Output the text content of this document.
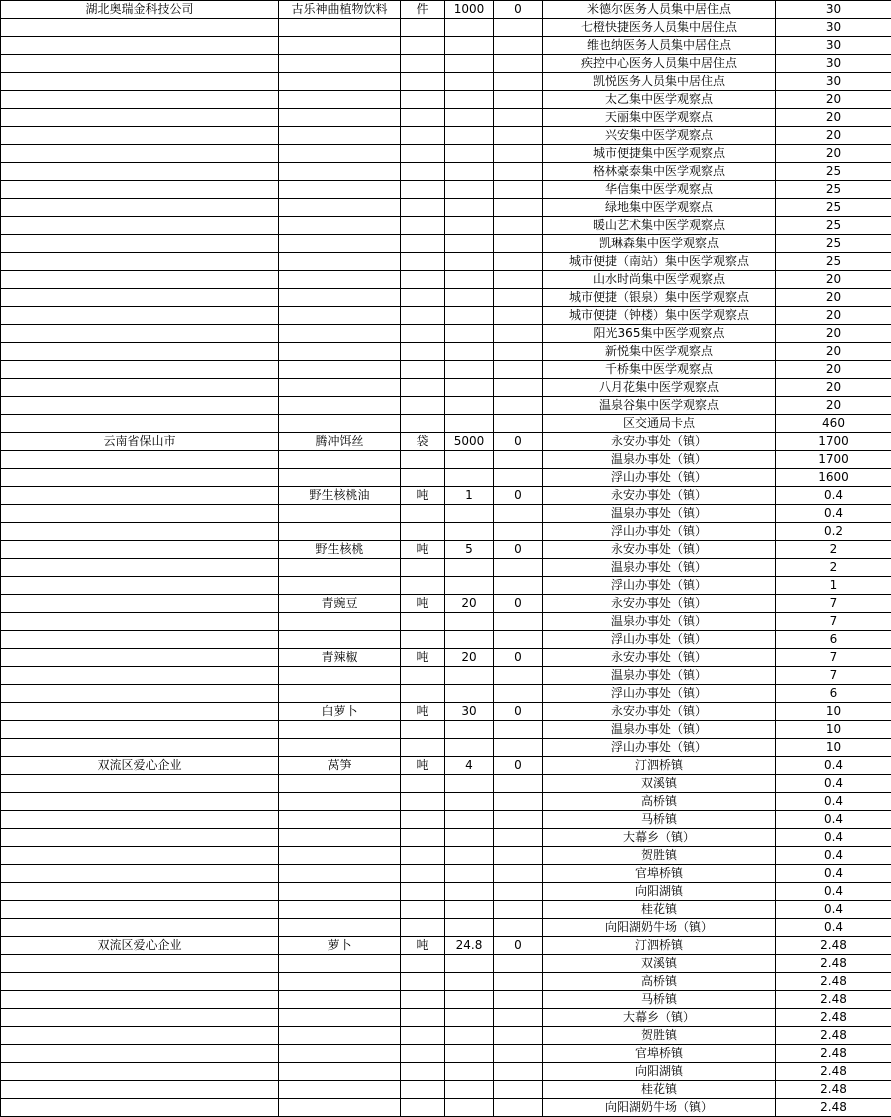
湖北奥瑞金科技公司	古乐神曲植物饮料	件	1000	0	米德尔医务人员集中居住点	30
					七橙快捷医务人员集中居住点	30
					维也纳医务人员集中居住点	30
					疾控中心医务人员集中居住点	30
					凯悦医务人员集中居住点	30
					太乙集中医学观察点	20
					天丽集中医学观察点	20
					兴安集中医学观察点	20
					城市便捷集中医学观察点	20
					格林豪泰集中医学观察点	25
					华信集中医学观察点	25
					绿地集中医学观察点	25
					暖山艺术集中医学观察点	25
					凯琳森集中医学观察点	25
					城市便捷（南站）集中医学观察点	25
					山水时尚集中医学观察点	20
					城市便捷（银泉）集中医学观察点	20
					城市便捷（钟楼）集中医学观察点	20
					阳光365集中医学观察点	20
					新悦集中医学观察点	20
					千桥集中医学观察点	20
					八月花集中医学观察点	20
					温泉谷集中医学观察点	20
					区交通局卡点	460
云南省保山市	腾冲饵丝	袋	5000	0	永安办事处（镇）	1700
					温泉办事处（镇）	1700
					浮山办事处（镇）	1600
	野生核桃油	吨	1	0	永安办事处（镇）	0.4
					温泉办事处（镇）	0.4
					浮山办事处（镇）	0.2
	野生核桃	吨	5	0	永安办事处（镇）	2
					温泉办事处（镇）	2
					浮山办事处（镇）	1
	青豌豆	吨	20	0	永安办事处（镇）	7
					温泉办事处（镇）	7
					浮山办事处（镇）	6
	青辣椒	吨	20	0	永安办事处（镇）	7
					温泉办事处（镇）	7
					浮山办事处（镇）	6
	白萝卜	吨	30	0	永安办事处（镇）	10
					温泉办事处（镇）	10
					浮山办事处（镇）	10
双流区爱心企业	莴笋	吨	4	0	汀泗桥镇	0.4
					双溪镇	0.4
					高桥镇	0.4
					马桥镇	0.4
					大幕乡（镇）	0.4
					贺胜镇	0.4
					官埠桥镇	0.4
					向阳湖镇	0.4
					桂花镇	0.4
					向阳湖奶牛场（镇）	0.4
双流区爱心企业	萝卜	吨	24.8	0	汀泗桥镇	2.48
					双溪镇	2.48
					高桥镇	2.48
					马桥镇	2.48
					大幕乡（镇）	2.48
					贺胜镇	2.48
					官埠桥镇	2.48
					向阳湖镇	2.48
					桂花镇	2.48
					向阳湖奶牛场（镇）	2.48
